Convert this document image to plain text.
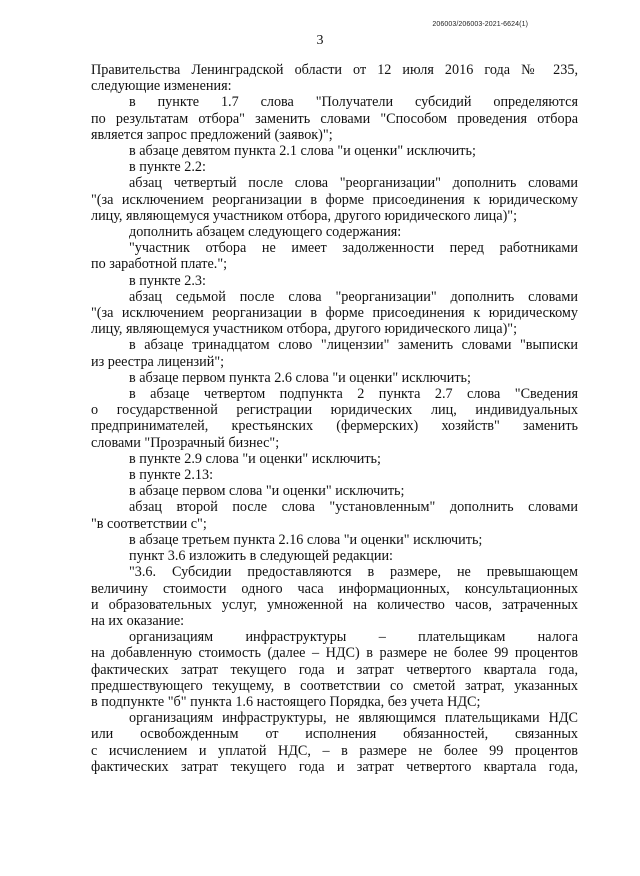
206003/206003-2021-6624(1)
3

Правительства Ленинградской области от 12 июля 2016 года № 235,

следующие изменения:

в пункте 1.7 слова "Получатели субсидий определяются

по результатам отбора" заменить словами "Способом проведения отбора

является запрос предложений (заявок)";

в абзаце девятом пункта 2.1 слова "и оценки" исключить;

в пункте 2.2:

абзац четвертый после слова "реорганизации" дополнить словами

"(за исключением реорганизации в форме присоединения к юридическому

лицу, являющемуся участником отбора, другого юридического лица)";

дополнить абзацем следующего содержания:

"участник отбора не имеет задолженности перед работниками

по заработной плате.";

в пункте 2.3:

абзац седьмой после слова "реорганизации" дополнить словами

"(за исключением реорганизации в форме присоединения к юридическому

лицу, являющемуся участником отбора, другого юридического лица)";

в абзаце тринадцатом слово "лицензии" заменить словами "выписки

из реестра лицензий";

в абзаце первом пункта 2.6 слова "и оценки" исключить;

в абзаце четвертом подпункта 2 пункта 2.7 слова "Сведения

о государственной регистрации юридических лиц, индивидуальных

предпринимателей, крестьянских (фермерских) хозяйств" заменить

словами "Прозрачный бизнес";

в пункте 2.9 слова "и оценки" исключить;

в пункте 2.13:

в абзаце первом слова "и оценки" исключить;

абзац второй после слова "установленным" дополнить словами

"в соответствии с";

в абзаце третьем пункта 2.16 слова "и оценки" исключить;

пункт 3.6 изложить в следующей редакции:

"3.6. Субсидии предоставляются в размере, не превышающем

величину стоимости одного часа информационных, консультационных

и образовательных услуг, умноженной на количество часов, затраченных

на их оказание:

организациям инфраструктуры – плательщикам налога

на добавленную стоимость (далее – НДС) в размере не более 99 процентов

фактических затрат текущего года и затрат четвертого квартала года,

предшествующего текущему, в соответствии со сметой затрат, указанных

в подпункте "б" пункта 1.6 настоящего Порядка, без учета НДС;

организациям инфраструктуры, не являющимся плательщиками НДС

или освобожденным от исполнения обязанностей, связанных

с исчислением и уплатой НДС, – в размере не более 99 процентов

фактических затрат текущего года и затрат четвертого квартала года,
